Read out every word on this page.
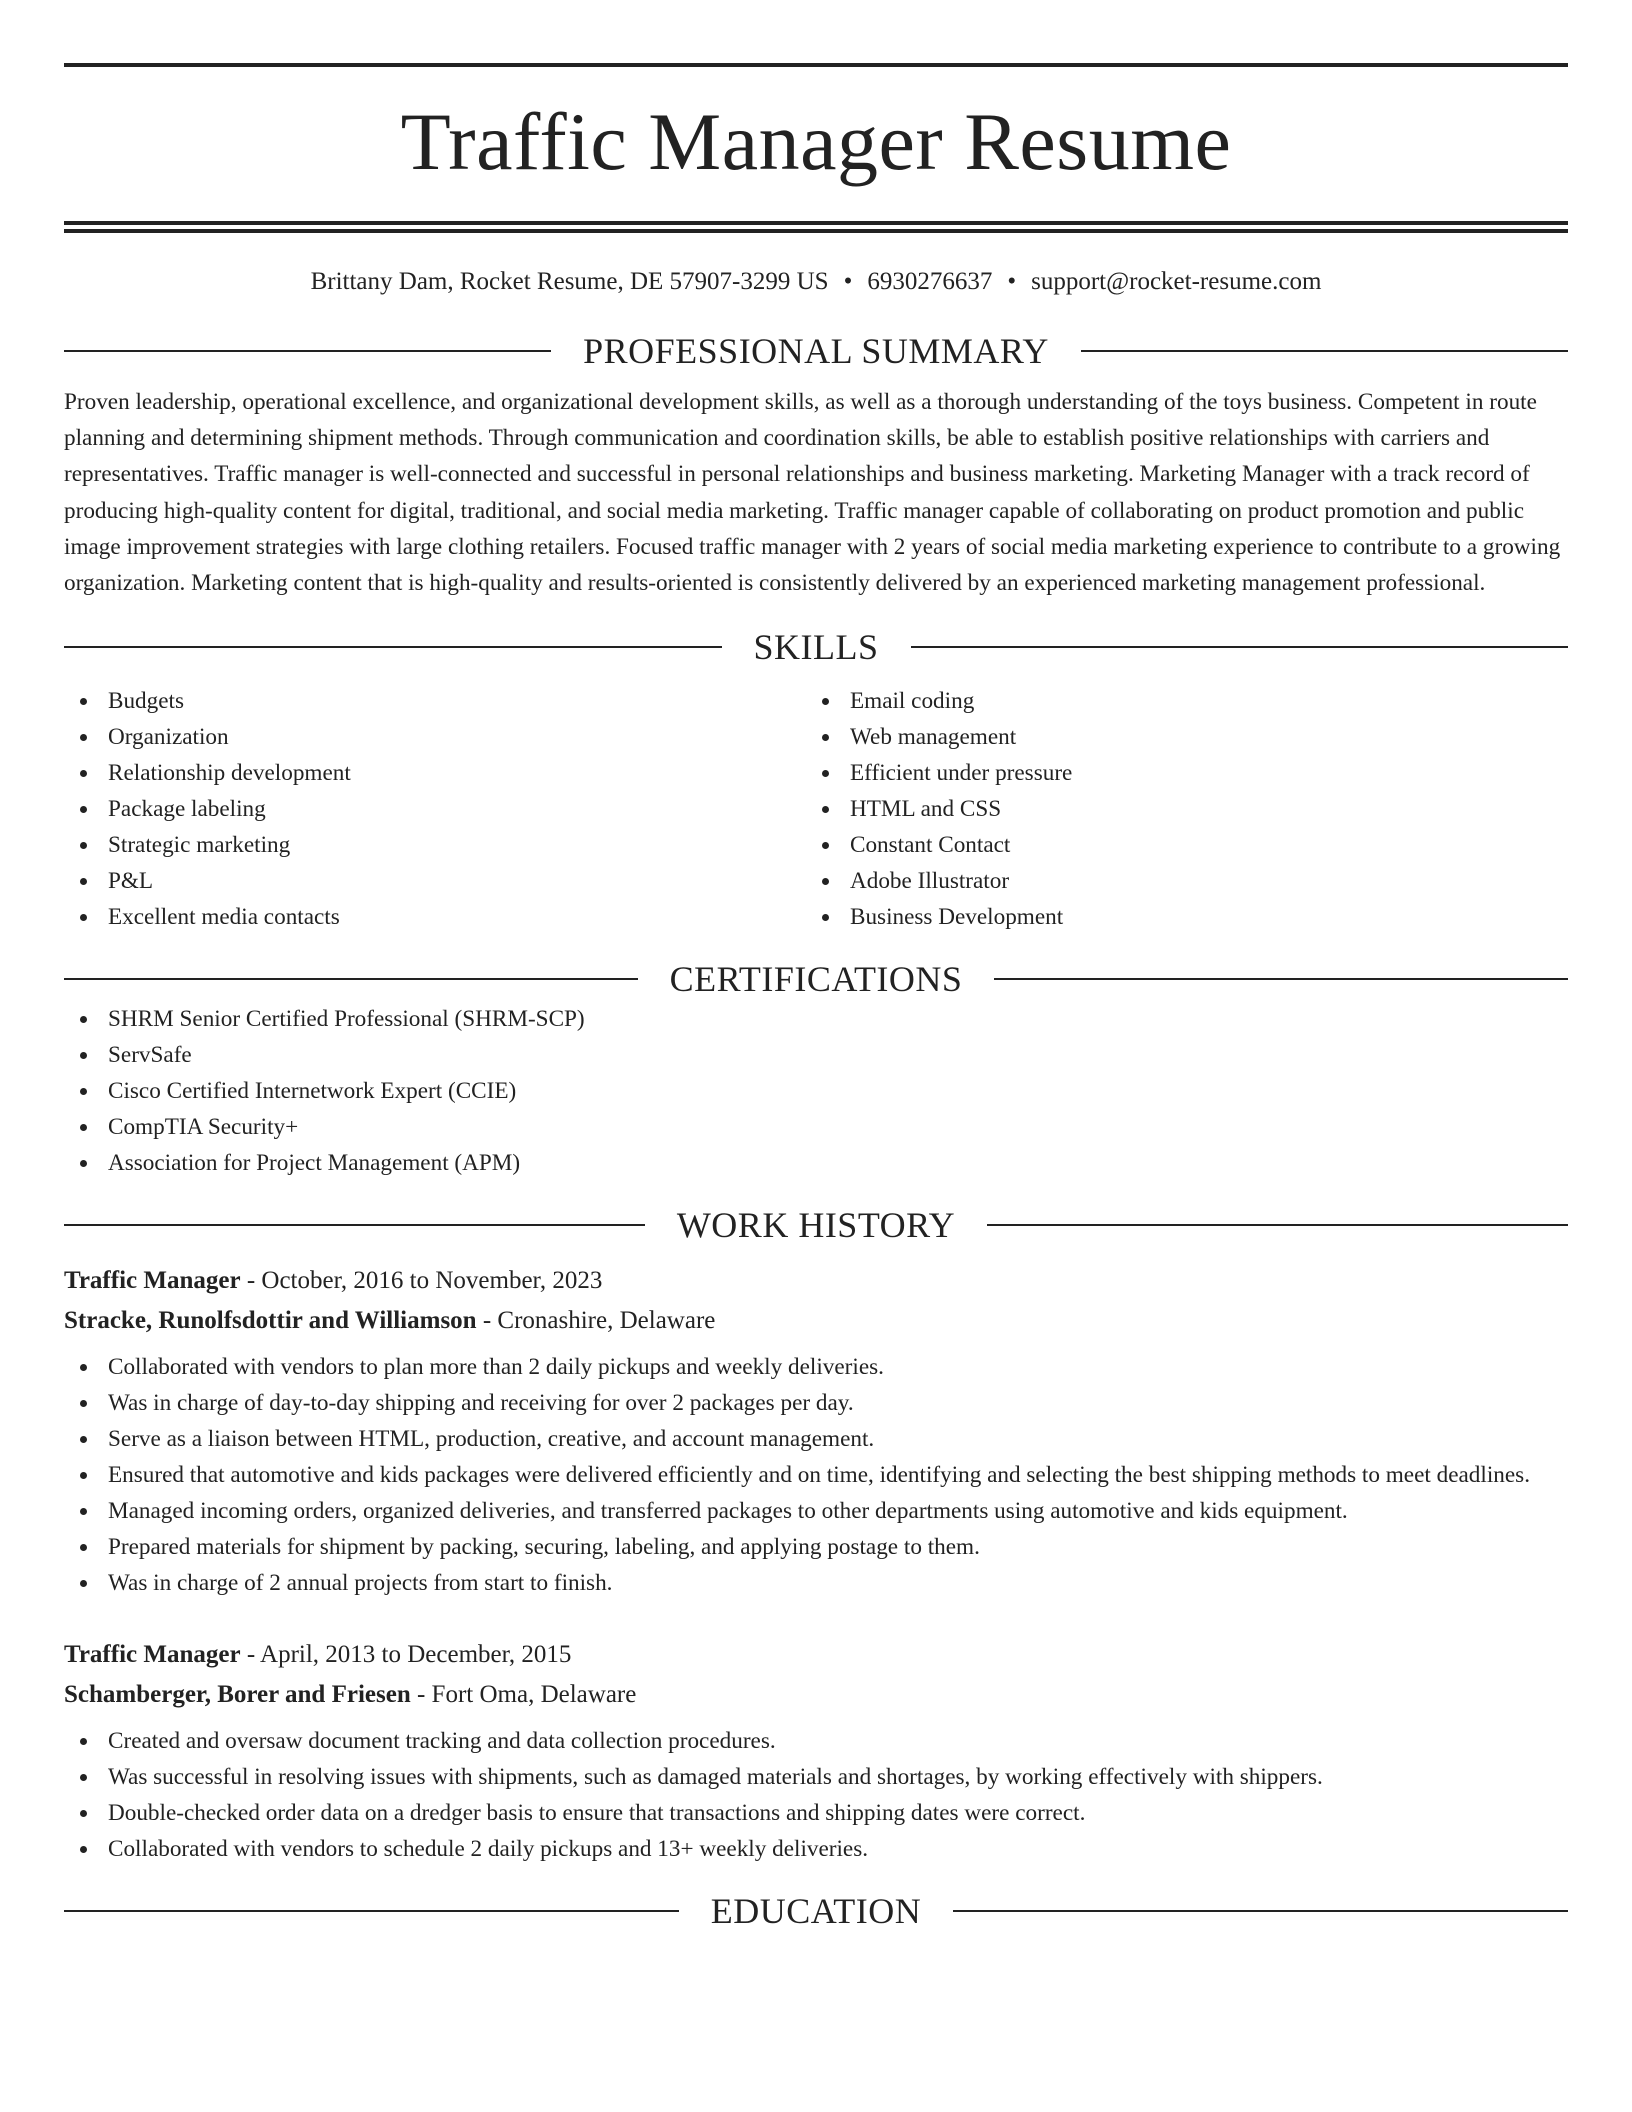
Traffic Manager Resume
Brittany Dam, Rocket Resume, DE 57907-3299 US • 6930276637 • support@rocket-resume.com
PROFESSIONAL SUMMARY
Proven leadership, operational excellence, and organizational development skills, as well as a thorough understanding of the toys business. Competent in route planning and determining shipment methods. Through communication and coordination skills, be able to establish positive relationships with carriers and representatives. Traffic manager is well-connected and successful in personal relationships and business marketing. Marketing Manager with a track record of producing high-quality content for digital, traditional, and social media marketing. Traffic manager capable of collaborating on product promotion and public image improvement strategies with large clothing retailers. Focused traffic manager with 2 years of social media marketing experience to contribute to a growing organization. Marketing content that is high-quality and results-oriented is consistently delivered by an experienced marketing management professional.
SKILLS
Budgets
Organization
Relationship development
Package labeling
Strategic marketing
P&L
Excellent media contacts
Email coding
Web management
Efficient under pressure
HTML and CSS
Constant Contact
Adobe Illustrator
Business Development
CERTIFICATIONS
SHRM Senior Certified Professional (SHRM-SCP)
ServSafe
Cisco Certified Internetwork Expert (CCIE)
CompTIA Security+
Association for Project Management (APM)
WORK HISTORY
Traffic Manager - October, 2016 to November, 2023
Stracke, Runolfsdottir and Williamson - Cronashire, Delaware
Collaborated with vendors to plan more than 2 daily pickups and weekly deliveries.
Was in charge of day-to-day shipping and receiving for over 2 packages per day.
Serve as a liaison between HTML, production, creative, and account management.
Ensured that automotive and kids packages were delivered efficiently and on time, identifying and selecting the best shipping methods to meet deadlines.
Managed incoming orders, organized deliveries, and transferred packages to other departments using automotive and kids equipment.
Prepared materials for shipment by packing, securing, labeling, and applying postage to them.
Was in charge of 2 annual projects from start to finish.
Traffic Manager - April, 2013 to December, 2015
Schamberger, Borer and Friesen - Fort Oma, Delaware
Created and oversaw document tracking and data collection procedures.
Was successful in resolving issues with shipments, such as damaged materials and shortages, by working effectively with shippers.
Double-checked order data on a dredger basis to ensure that transactions and shipping dates were correct.
Collaborated with vendors to schedule 2 daily pickups and 13+ weekly deliveries.
EDUCATION
